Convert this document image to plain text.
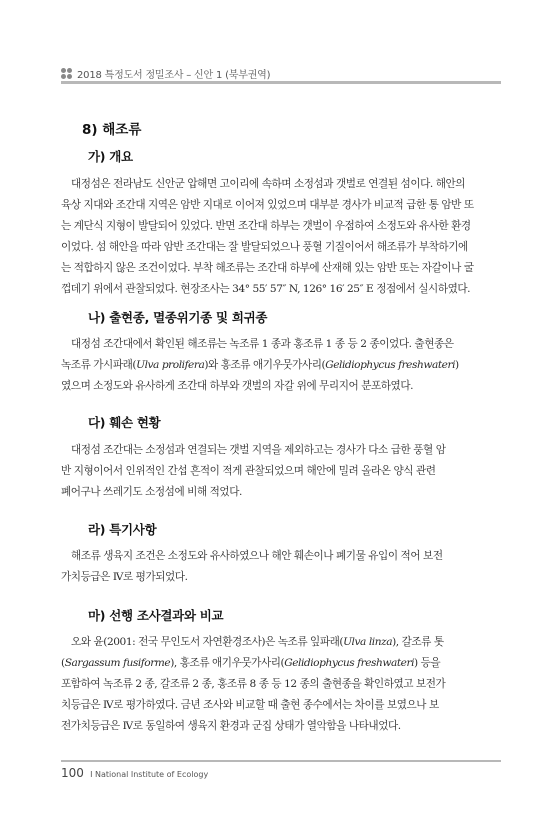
2018 특정도서 정밀조사 – 신안 1 (북부권역)
8) 해조류
가) 개요
대정섬은 전라남도 신안군 압해면 고이리에 속하며 소정섬과 갯벌로 연결된 섬이다. 해안의
육상 지대와 조간대 지역은 암반 지대로 이어져 있었으며 대부분 경사가 비교적 급한 통 암반 또
는 계단식 지형이 발달되어 있었다. 반면 조간대 하부는 갯벌이 우점하여 소정도와 유사한 환경
이었다. 섬 해안을 따라 암반 조간대는 잘 발달되었으나 풍혈 기질이어서 해조류가 부착하기에
는 적합하지 않은 조건이었다. 부착 해조류는 조간대 하부에 산재해 있는 암반 또는 자갈이나 굴
껍데기 위에서 관찰되었다. 현장조사는 34° 55′ 57″ N, 126° 16′ 25″ E 정점에서 실시하였다.
나) 출현종, 멸종위기종 및 희귀종
대정섬 조간대에서 확인된 해조류는 녹조류 1 종과 홍조류 1 종 등 2 종이었다. 출현종은
녹조류 가시파래(Ulva prolifera)와 홍조류 애기우뭇가사리(Gelidiophycus freshwateri)
였으며 소정도와 유사하게 조간대 하부와 갯벌의 자갈 위에 무리지어 분포하였다.
다) 훼손 현황
대정섬 조간대는 소정섬과 연결되는 갯벌 지역을 제외하고는 경사가 다소 급한 풍혈 암
반 지형이어서 인위적인 간섭 흔적이 적게 관찰되었으며 해안에 밀려 올라온 양식 관련
폐어구나 쓰레기도 소정섬에 비해 적었다.
라) 특기사항
해조류 생육지 조건은 소정도와 유사하였으나 해안 훼손이나 폐기물 유입이 적어 보전
가치등급은 Ⅳ로 평가되었다.
마) 선행 조사결과와 비교
오와 윤(2001: 전국 무인도서 자연환경조사)은 녹조류 잎파래(Ulva linza), 갈조류 톳
(Sargassum fusiforme), 홍조류 애기우뭇가사리(Gelidiophycus freshwateri) 등을
포함하여 녹조류 2 종, 갈조류 2 종, 홍조류 8 종 등 12 종의 출현종을 확인하였고 보전가
치등급은 Ⅳ로 평가하였다. 금년 조사와 비교할 때 출현 종수에서는 차이를 보였으나 보
전가치등급은 Ⅳ로 동일하여 생육지 환경과 군집 상태가 열악함을 나타내었다.
100 I National Institute of Ecology
